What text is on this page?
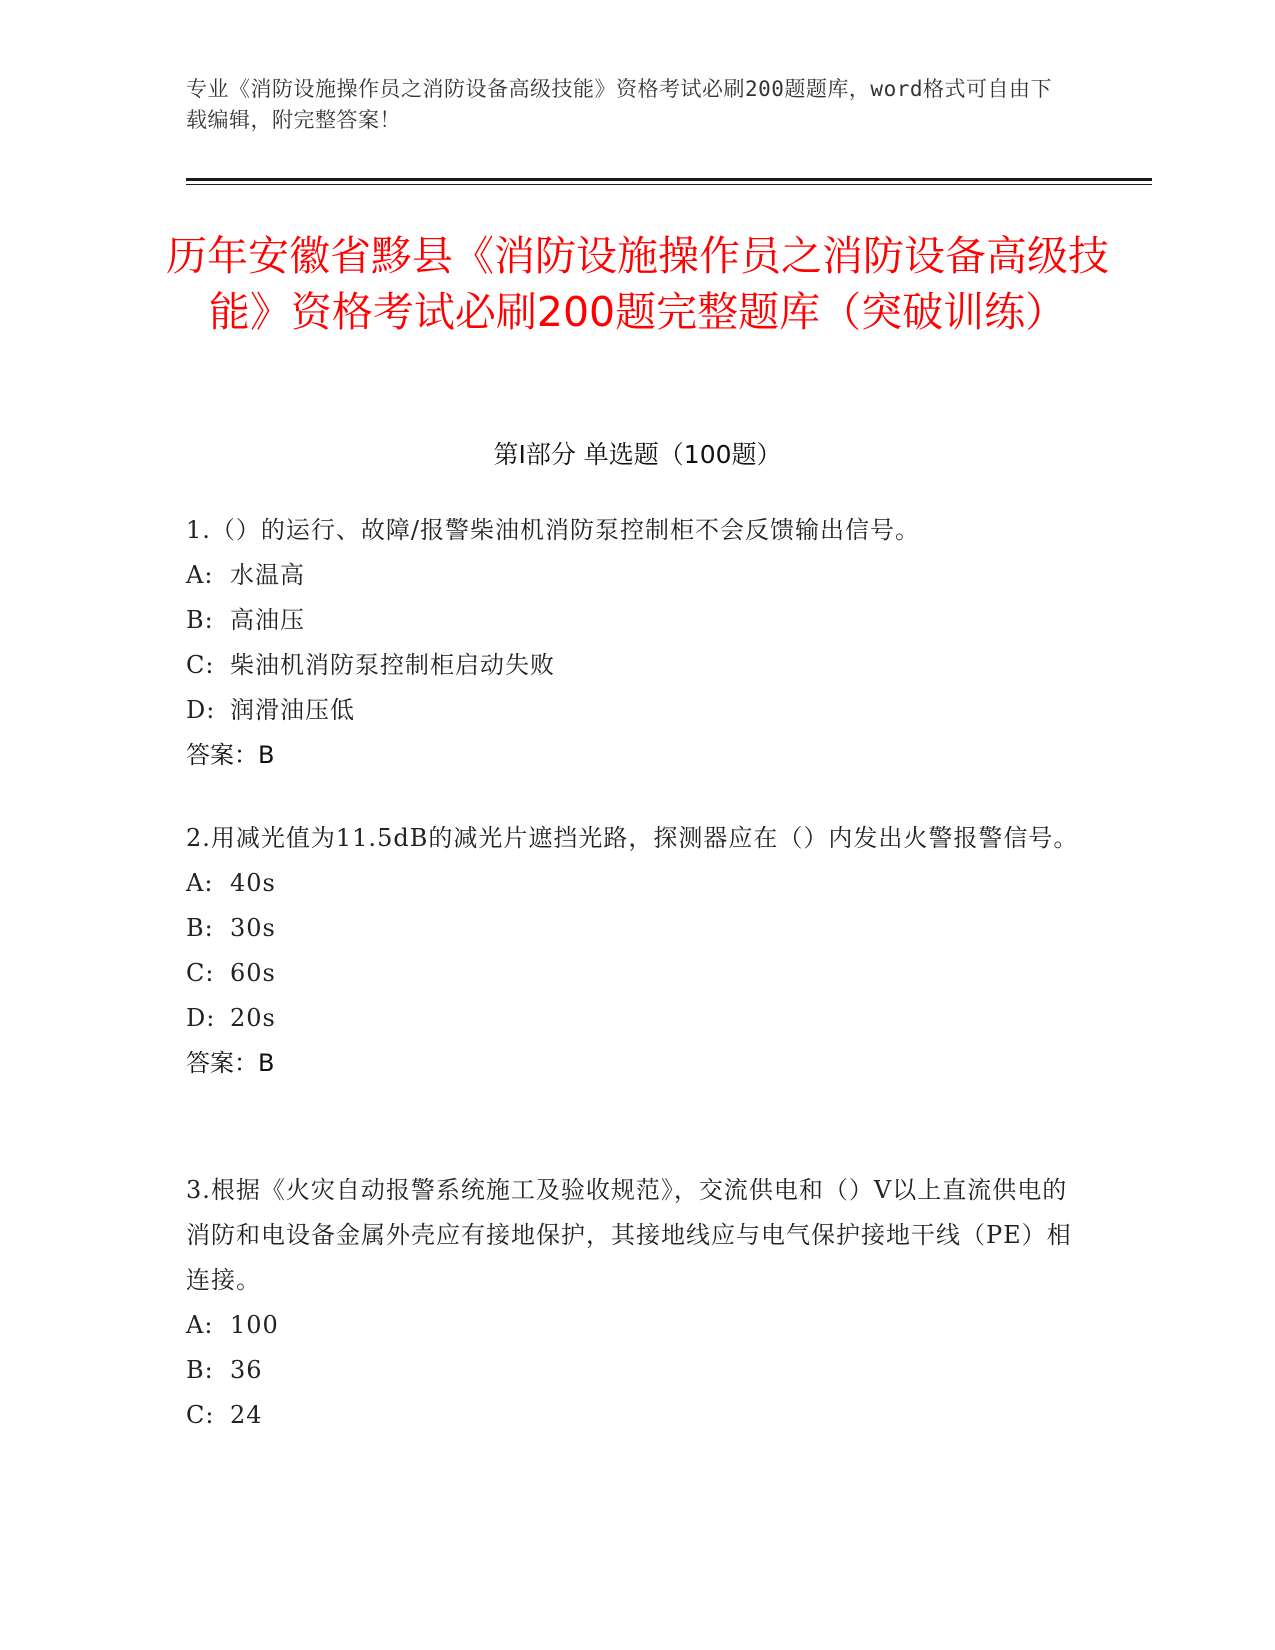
专业《消防设施操作员之消防设备高级技能》资格考试必刷200题题库，word格式可自由下载编辑，附完整答案！
历年安徽省黟县《消防设施操作员之消防设备高级技能》资格考试必刷200题完整题库（突破训练）
第Ⅰ部分 单选题（100题）

1.（）的运行、故障/报警柴油机消防泵控制柜不会反馈输出信号。

A: 水温高

B: 高油压

C: 柴油机消防泵控制柜启动失败

D: 润滑油压低

答案：B

2.用减光值为11.5dB的减光片遮挡光路，探测器应在（）内发出火警报警信号。

A: 40s

B: 30s

C: 60s

D: 20s

答案：B

3.根据《火灾自动报警系统施工及验收规范》，交流供电和（）V以上直流供电的消防和电设备金属外壳应有接地保护，其接地线应与电气保护接地干线（PE）相连接。

A: 100

B: 36

C: 24
